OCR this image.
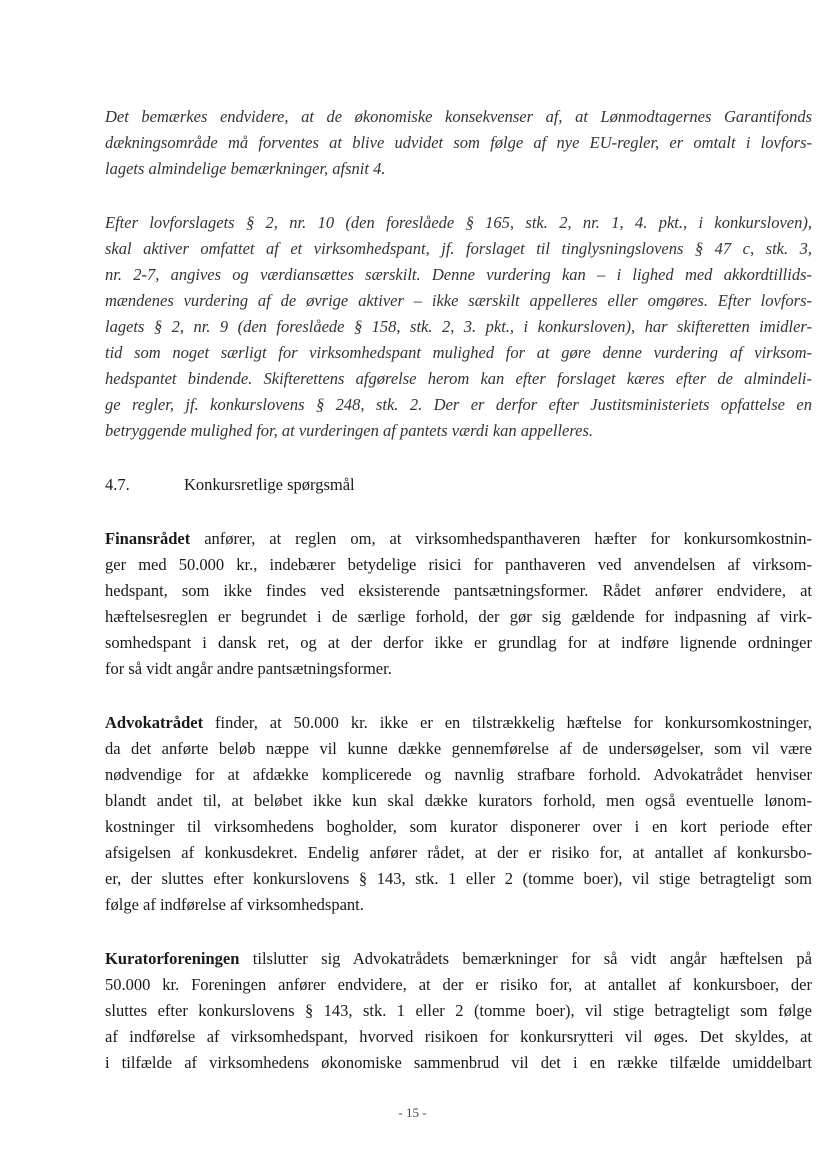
Det bemærkes endvidere, at de økonomiske konsekvenser af, at Lønmodtagernes Garantifonds
dækningsområde må forventes at blive udvidet som følge af nye EU-regler, er omtalt i lovfors-
lagets almindelige bemærkninger, afsnit 4.
Efter lovforslagets § 2, nr. 10 (den foreslåede § 165, stk. 2, nr. 1, 4. pkt., i konkursloven),
skal aktiver omfattet af et virksomhedspant, jf. forslaget til tinglysningslovens § 47 c, stk. 3,
nr. 2-7, angives og værdiansættes særskilt. Denne vurdering kan – i lighed med akkordtillids-
mændenes vurdering af de øvrige aktiver – ikke særskilt appelleres eller omgøres. Efter lovfors-
lagets § 2, nr. 9 (den foreslåede § 158, stk. 2, 3. pkt., i konkursloven), har skifteretten imidler-
tid som noget særligt for virksomhedspant mulighed for at gøre denne vurdering af virksom-
hedspantet bindende. Skifterettens afgørelse herom kan efter forslaget kæres efter de almindeli-
ge regler, jf. konkurslovens § 248, stk. 2. Der er derfor efter Justitsministeriets opfattelse en
betryggende mulighed for, at vurderingen af pantets værdi kan appelleres.
4.7.	Konkursretlige spørgsmål
Finansrådet anfører, at reglen om, at virksomhedspanthaveren hæfter for konkursomkostnin-
ger med 50.000 kr., indebærer betydelige risici for panthaveren ved anvendelsen af virksom-
hedspant, som ikke findes ved eksisterende pantsætningsformer. Rådet anfører endvidere, at
hæftelsesreglen er begrundet i de særlige forhold, der gør sig gældende for indpasning af virk-
somhedspant i dansk ret, og at der derfor ikke er grundlag for at indføre lignende ordninger
for så vidt angår andre pantsætningsformer.
Advokatrådet finder, at 50.000 kr. ikke er en tilstrækkelig hæftelse for konkursomkostninger,
da det anførte beløb næppe vil kunne dække gennemførelse af de undersøgelser, som vil være
nødvendige for at afdække komplicerede og navnlig strafbare forhold. Advokatrådet henviser
blandt andet til, at beløbet ikke kun skal dække kurators forhold, men også eventuelle lønom-
kostninger til virksomhedens bogholder, som kurator disponerer over i en kort periode efter
afsigelsen af konkusdekret. Endelig anfører rådet, at der er risiko for, at antallet af konkursbo-
er, der sluttes efter konkurslovens § 143, stk. 1 eller 2 (tomme boer), vil stige betragteligt som
følge af indførelse af virksomhedspant.
Kuratorforeningen tilslutter sig Advokatrådets bemærkninger for så vidt angår hæftelsen på
50.000 kr. Foreningen anfører endvidere, at der er risiko for, at antallet af konkursboer, der
sluttes efter konkurslovens § 143, stk. 1 eller 2 (tomme boer), vil stige betragteligt som følge
af indførelse af virksomhedspant, hvorved risikoen for konkursrytteri vil øges. Det skyldes, at
i tilfælde af virksomhedens økonomiske sammenbrud vil det i en række tilfælde umiddelbart
- 15 -
